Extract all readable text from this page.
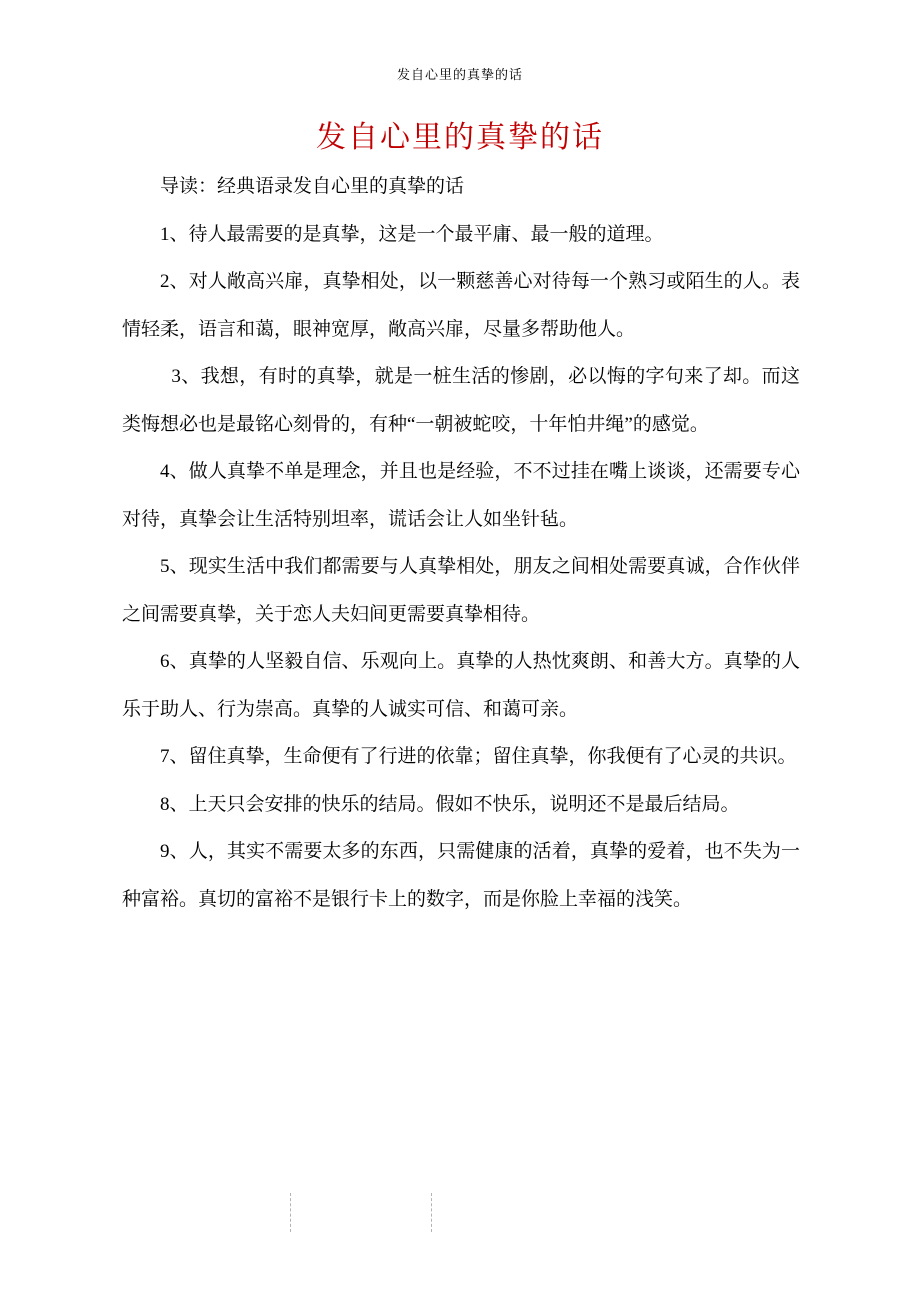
发自心里的真挚的话
发自心里的真挚的话

导读：经典语录发自心里的真挚的话

1、待人最需要的是真挚，这是一个最平庸、最一般的道理。

2、对人敞高兴扉，真挚相处，以一颗慈善心对待每一个熟习或陌生的人。表情轻柔，语言和蔼，眼神宽厚，敞高兴扉，尽量多帮助他人。

3、我想，有时的真挚，就是一桩生活的惨剧，必以悔的字句来了却。而这类悔想必也是最铭心刻骨的，有种“一朝被蛇咬，十年怕井绳”的感觉。

4、做人真挚不单是理念，并且也是经验，不不过挂在嘴上谈谈，还需要专心对待，真挚会让生活特别坦率，谎话会让人如坐针毡。

5、现实生活中我们都需要与人真挚相处，朋友之间相处需要真诚，合作伙伴之间需要真挚，关于恋人夫妇间更需要真挚相待。

6、真挚的人坚毅自信、乐观向上。真挚的人热忱爽朗、和善大方。真挚的人乐于助人、行为崇高。真挚的人诚实可信、和蔼可亲。

7、留住真挚，生命便有了行进的依靠；留住真挚，你我便有了心灵的共识。

8、上天只会安排的快乐的结局。假如不快乐，说明还不是最后结局。

9、人，其实不需要太多的东西，只需健康的活着，真挚的爱着，也不失为一种富裕。真切的富裕不是银行卡上的数字，而是你脸上幸福的浅笑。
